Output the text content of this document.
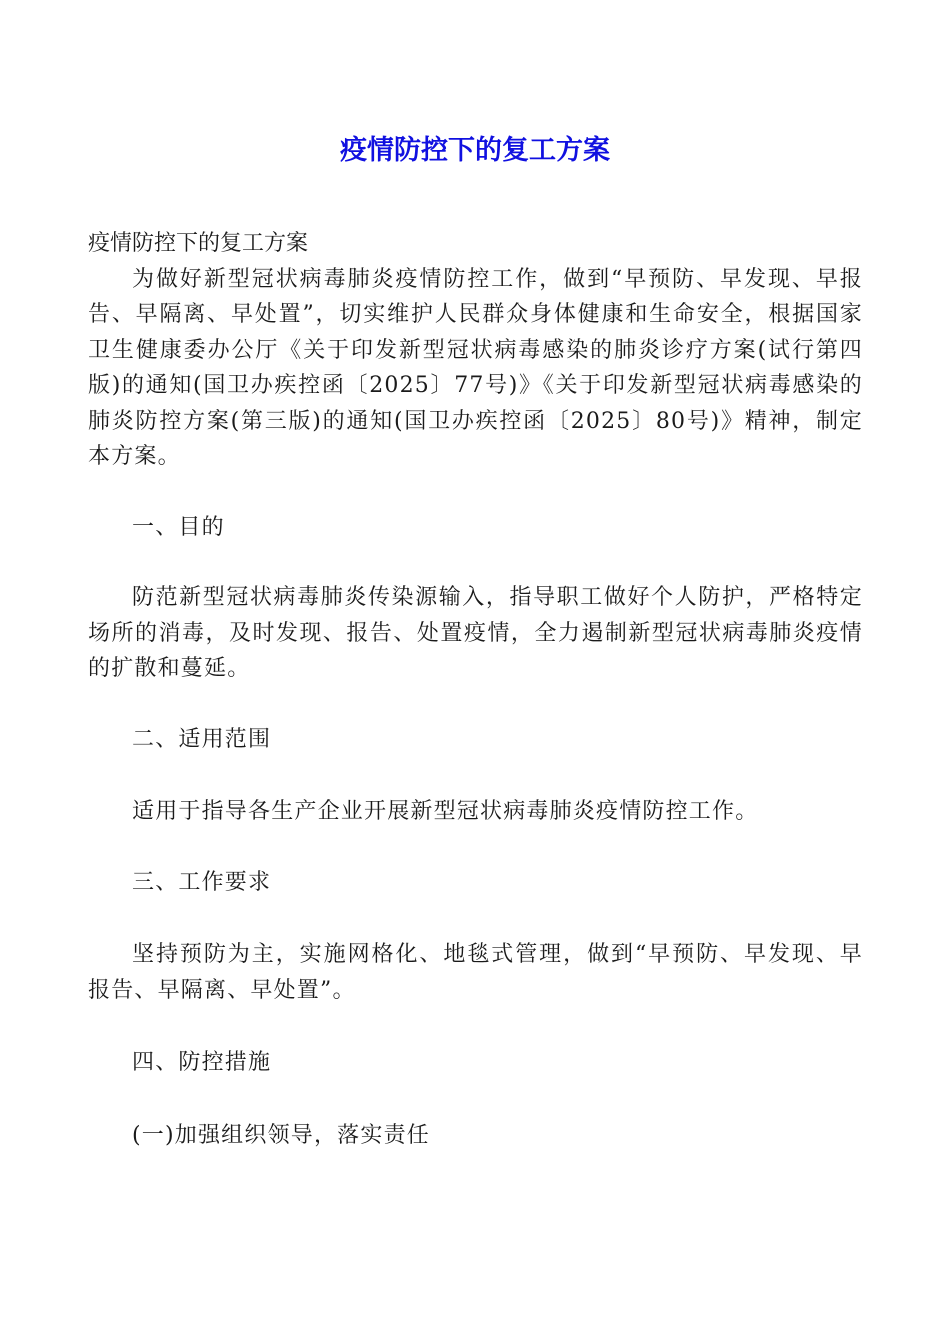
疫情防控下的复工方案

疫情防控下的复工方案

为做好新型冠状病毒肺炎疫情防控工作，做到“早预防、早发现、早报告、早隔离、早处置”，切实维护人民群众身体健康和生命安全，根据国家卫生健康委办公厅《关于印发新型冠状病毒感染的肺炎诊疗方案(试行第四版)的通知(国卫办疾控函〔2025〕77号)》《关于印发新型冠状病毒感染的肺炎防控方案(第三版)的通知(国卫办疾控函〔2025〕80号)》精神，制定本方案。

一、目的

防范新型冠状病毒肺炎传染源输入，指导职工做好个人防护，严格特定场所的消毒，及时发现、报告、处置疫情，全力遏制新型冠状病毒肺炎疫情的扩散和蔓延。

二、适用范围

适用于指导各生产企业开展新型冠状病毒肺炎疫情防控工作。

三、工作要求

坚持预防为主，实施网格化、地毯式管理，做到“早预防、早发现、早报告、早隔离、早处置”。

四、防控措施

(一)加强组织领导，落实责任
